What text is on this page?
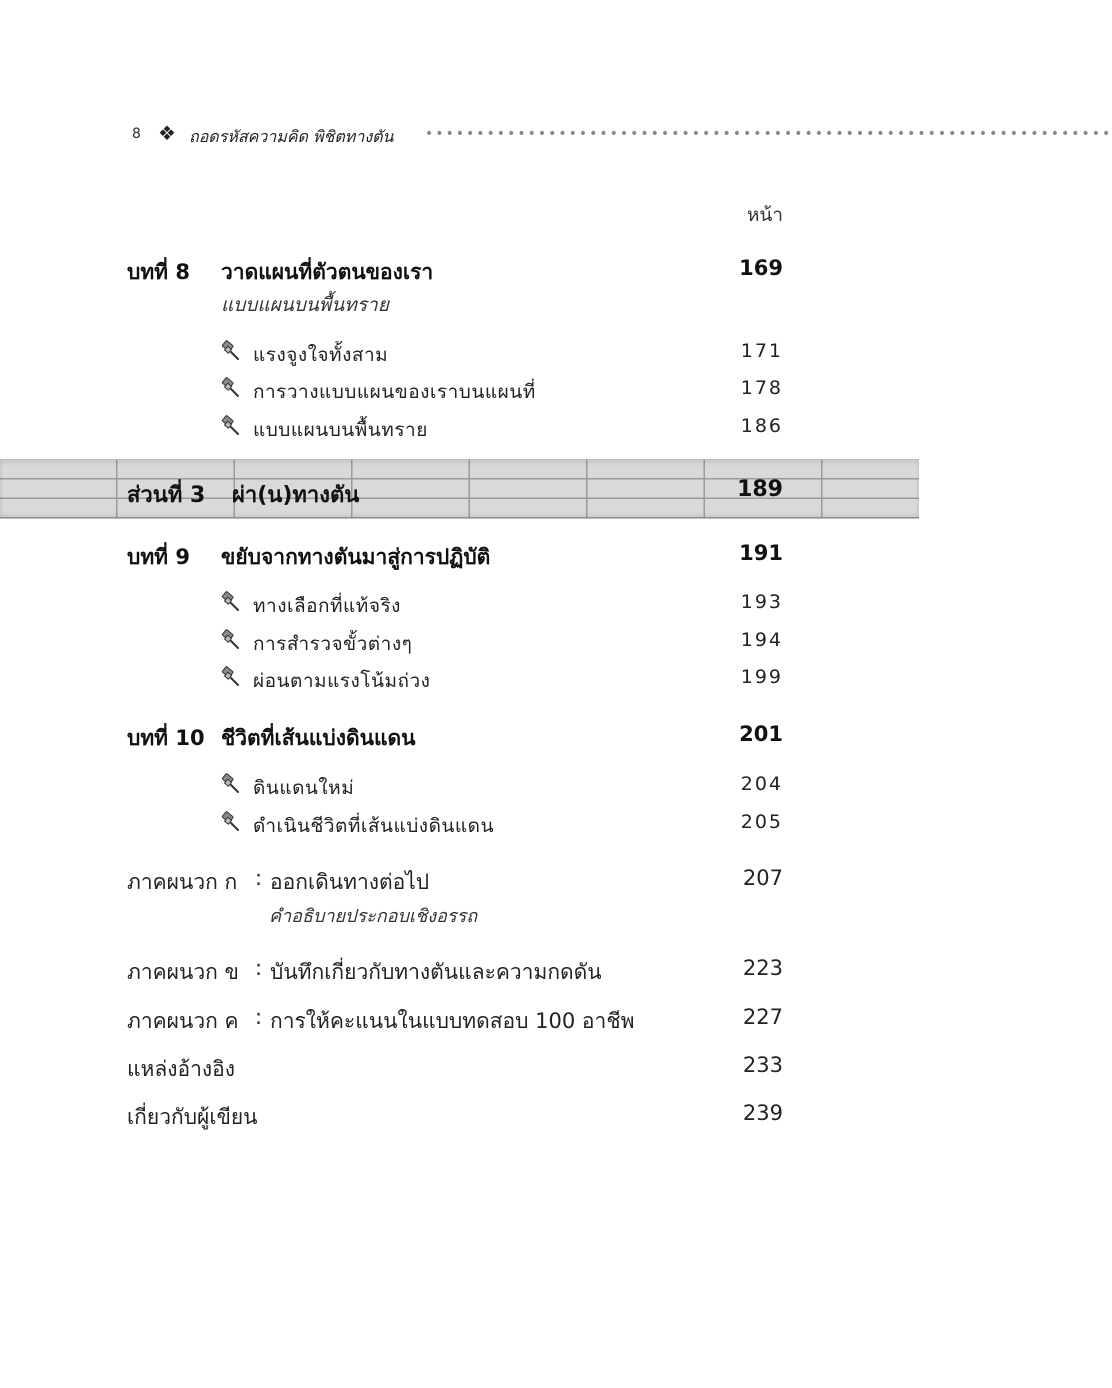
8 ❖ ถอดรหัสความคิด พิชิตทางตัน •••••••••••••••••••••••••••••••••••••••••••••••••••••••••••••••••••
หน้า
บทที่ 8 วาดแผนที่ตัวตนของเรา	169
แบบแผนบนพื้นทราย
แรงจูงใจทั้งสาม	171
การวางแบบแผนของเราบนแผนที่	178
แบบแผนบนพื้นทราย	186
ส่วนที่ 3 ผ่า(น)ทางตัน	189
บทที่ 9 ขยับจากทางตันมาสู่การปฏิบัติ	191
ทางเลือกที่แท้จริง	193
การสำรวจขั้วต่างๆ	194
ผ่อนตามแรงโน้มถ่วง	199
บทที่ 10 ชีวิตที่เส้นแบ่งดินแดน	201
ดินแดนใหม่	204
ดำเนินชีวิตที่เส้นแบ่งดินแดน	205
ภาคผนวก ก : ออกเดินทางต่อไป	207
คำอธิบายประกอบเชิงอรรถ
ภาคผนวก ข : บันทึกเกี่ยวกับทางตันและความกดดัน	223
ภาคผนวก ค : การให้คะแนนในแบบทดสอบ 100 อาชีพ	227
แหล่งอ้างอิง	233
เกี่ยวกับผู้เขียน	239
